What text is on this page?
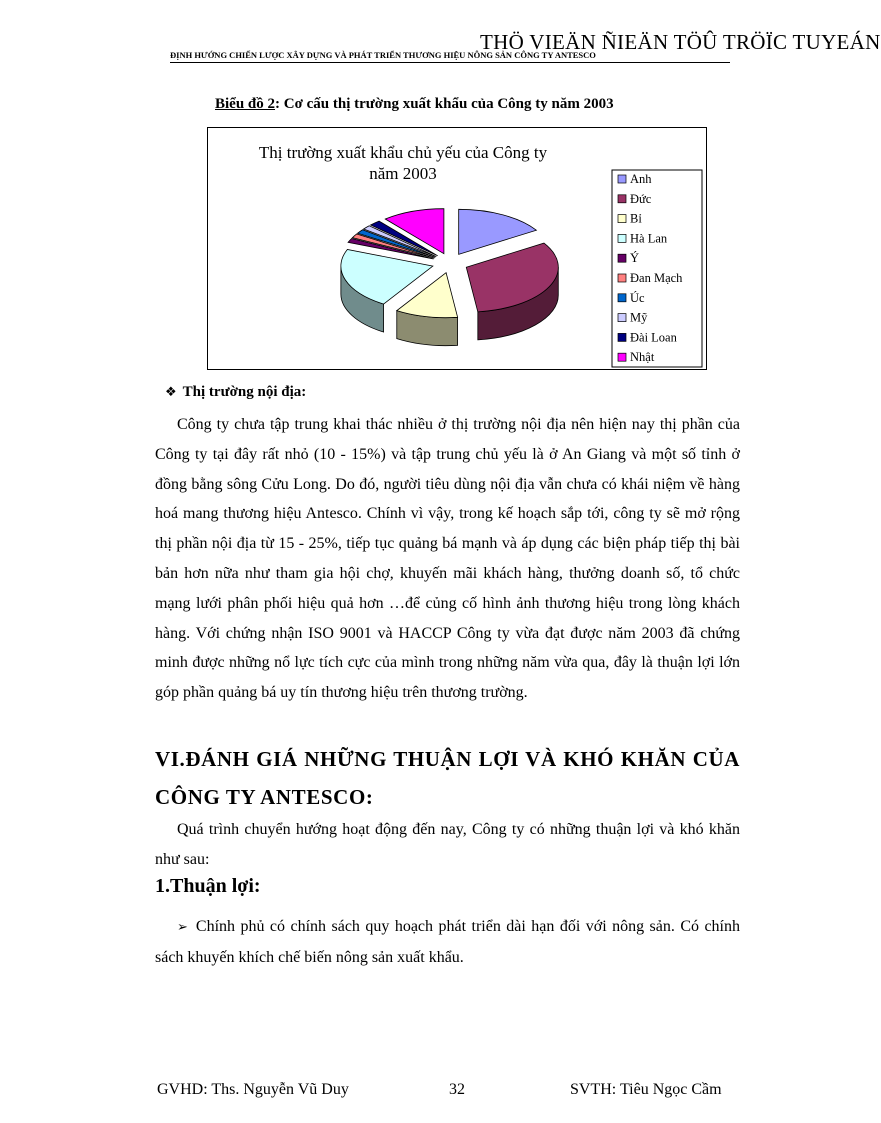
THÖ VIEÄN ÑIEÄN TÖÛ TRÖÏC TUYEÁN
ĐỊNH HƯỚNG CHIẾN LƯỢC XÂY DỰNG VÀ PHÁT TRIỂN THƯƠNG HIỆU NÔNG SẢN CÔNG TY ANTESCO
Biểu đồ 2: Cơ cấu thị trường xuất khẩu của Công ty năm 2003
Thị trường xuất khẩu chủ yếu của Công ty
năm 2003	Anh
Đức
Bỉ
Hà Lan
Ý
Đan Mạch
Úc
Mỹ
Đài Loan
Nhật
❖ Thị trường nội địa:
Công ty chưa tập trung khai thác nhiều ở thị trường nội địa nên hiện nay thị phần của Công ty tại đây rất nhỏ (10 - 15%) và tập trung chủ yếu là ở An Giang và một số tỉnh ở đồng bằng sông Cửu Long. Do đó, người tiêu dùng nội địa vẫn chưa có khái niệm về hàng hoá mang thương hiệu Antesco. Chính vì vậy, trong kế hoạch sắp tới, công ty sẽ mở rộng thị phần nội địa từ 15 - 25%, tiếp tục quảng bá mạnh và áp dụng các biện pháp tiếp thị bài bản hơn nữa như tham gia hội chợ, khuyến mãi khách hàng, thưởng doanh số, tổ chức mạng lưới phân phối hiệu quả hơn …để củng cố hình ảnh thương hiệu trong lòng khách hàng. Với chứng nhận ISO 9001 và HACCP Công ty vừa đạt được năm 2003 đã chứng minh được những nổ lực tích cực của mình trong những năm vừa qua, đây là thuận lợi lớn góp phần quảng bá uy tín thương hiệu trên thương trường.
VI.ĐÁNH GIÁ NHỮNG THUẬN LỢI VÀ KHÓ KHĂN CỦA CÔNG TY ANTESCO:
Quá trình chuyển hướng hoạt động đến nay, Công ty có những thuận lợi và khó khăn như sau:
1.Thuận lợi:
➢ Chính phủ có chính sách quy hoạch phát triển dài hạn đối với nông sản. Có chính sách khuyến khích chế biến nông sản xuất khẩu.
GVHD: Ths. Nguyễn Vũ Duy	32	SVTH: Tiêu Ngọc Cầm
